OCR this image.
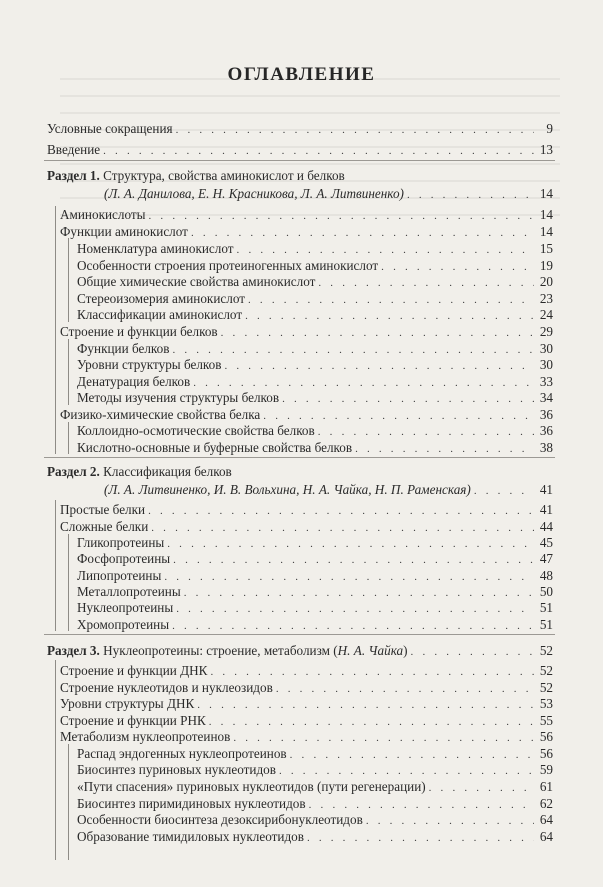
ОГЛАВЛЕНИЕ
Условные сокращения . . .	9
Введение . . .	13
Раздел 1. Структура, свойства аминокислот и белков
(Л. А. Данилова, Е. Н. Красникова, Л. А. Литвиненко) . . .	14
Аминокислоты . . .	14
Функции аминокислот . . .	14
Номенклатура аминокислот . . .	15
Особенности строения протеиногенных аминокислот . . .	19
Общие химические свойства аминокислот . . .	20
Стереоизомерия аминокислот . . .	23
Классификации аминокислот . . .	24
Строение и функции белков . . .	29
Функции белков . . .	30
Уровни структуры белков . . .	30
Денатурация белков . . .	33
Методы изучения структуры белков . . .	34
Физико-химические свойства белка . . .	36
Коллоидно-осмотические свойства белков . . .	36
Кислотно-основные и буферные свойства белков . . .	38
Раздел 2. Классификация белков
(Л. А. Литвиненко, И. В. Вольхина, Н. А. Чайка, Н. П. Раменская) . . .	41
Простые белки . . .	41
Сложные белки . . .	44
Гликопротеины . . .	45
Фосфопротеины . . .	47
Липопротеины . . .	48
Металлопротеины . . .	50
Нуклеопротеины . . .	51
Хромопротеины . . .	51
Раздел 3. Нуклеопротеины: строение, метаболизм (Н. А. Чайка) . . .	52
Строение и функции ДНК . . .	52
Строение нуклеотидов и нуклеозидов . . .	52
Уровни структуры ДНК . . .	53
Строение и функции РНК . . .	55
Метаболизм нуклеопротеинов . . .	56
Распад эндогенных нуклеопротеинов . . .	56
Биосинтез пуриновых нуклеотидов . . .	59
«Пути спасения» пуриновых нуклеотидов (пути регенерации) . . .	61
Биосинтез пиримидиновых нуклеотидов . . .	62
Особенности биосинтеза дезоксирибонуклеотидов . . .	64
Образование тимидиловых нуклеотидов . . .	64
